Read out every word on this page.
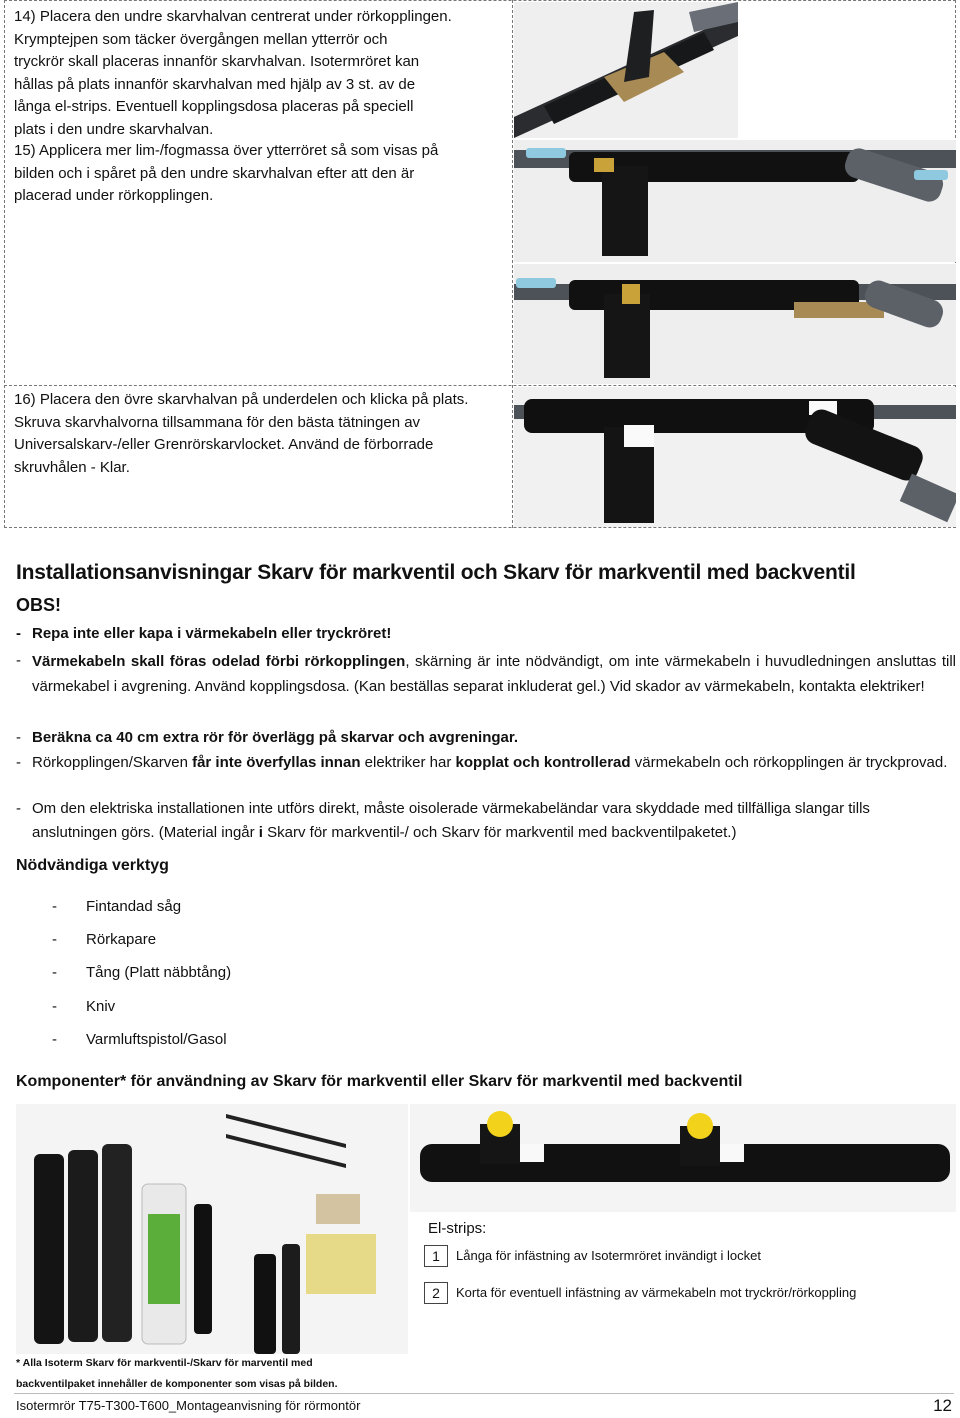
14) Placera den undre skarvhalvan centrerat under rörkopplingen.
Krymptejpen som täcker övergången mellan ytterrör och
tryckrör skall placeras innanför skarvhalvan. Isotermröret kan
hållas på plats innanför skarvhalvan med hjälp av 3 st. av de
långa el-strips. Eventuell kopplingsdosa placeras på speciell
plats i den undre skarvhalvan.
15) Applicera mer lim-/fogmassa över ytterröret så som visas på
bilden och i spåret på den undre skarvhalvan efter att den är
placerad under rörkopplingen.
16) Placera den övre skarvhalvan på underdelen och klicka på plats.
Skruva skarvhalvorna tillsammana för den bästa tätningen av
Universalskarv-/eller Grenrörskarvlocket. Använd de förborrade
skruvhålen - Klar.
Installationsanvisningar Skarv för markventil och Skarv för markventil med backventil
OBS!
- Repa inte eller kapa i värmekabeln eller tryckröret!
- Värmekabeln skall föras odelad förbi rörkopplingen, skärning är inte nödvändigt, om inte värmekabeln i huvudledningen ansluttas till värmekabel i avgrening. Använd kopplingsdosa. (Kan beställas separat inkluderat gel.) Vid skador av värmekabeln, kontakta elektriker!
- Beräkna ca 40 cm extra rör för överlägg på skarvar och avgreningar.
- Rörkopplingen/Skarven får inte överfyllas innan elektriker har kopplat och kontrollerad värmekabeln och rörkopplingen är tryckprovad.
- Om den elektriska installationen inte utförs direkt, måste oisolerade värmekabeländar vara skyddade med tillfälliga slangar tills anslutningen görs. (Material ingår i Skarv för markventil-/ och Skarv för markventil med backventilpaketet.)
Nödvändiga verktyg
- Fintandad såg
- Rörkapare
- Tång (Platt näbbtång)
- Kniv
- Varmluftspistol/Gasol
Komponenter* för användning av Skarv för markventil eller Skarv för markventil med backventil
El-strips:
1	Långa för infästning av Isotermröret invändigt i locket
2	Korta för eventuell infästning av värmekabeln mot tryckrör/rörkoppling
* Alla Isoterm Skarv för markventil-/Skarv för marventil med
backventilpaket innehåller de komponenter som visas på bilden.
Isotermrör T75-T300-T600_Montageanvisning för rörmontör	12
